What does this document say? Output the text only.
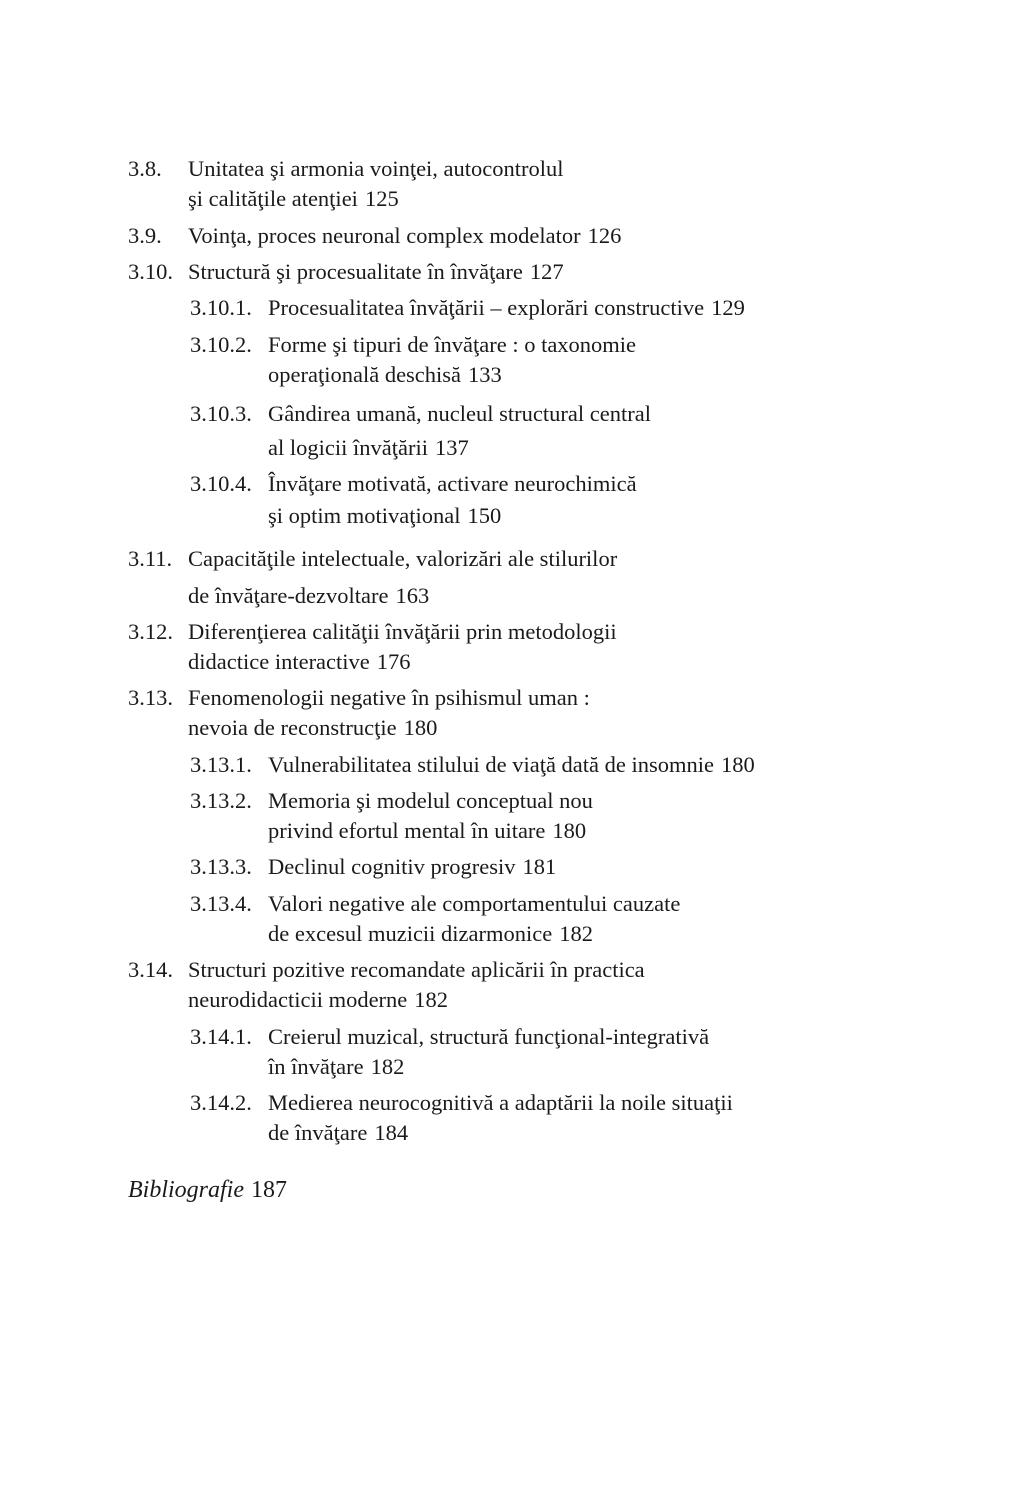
3.8. Unitatea şi armonia voinţei, autocontrolul
şi calităţile atenţiei 125
3.9. Voinţa, proces neuronal complex modelator 126
3.10. Structură şi procesualitate în învăţare 127
3.10.1. Procesualitatea învăţării – explorări constructive 129
3.10.2. Forme şi tipuri de învăţare : o taxonomie
operaţională deschisă 133
3.10.3. Gândirea umană, nucleul structural central
al logicii învăţării 137
3.10.4. Învăţare motivată, activare neurochimică
şi optim motivaţional 150
3.11. Capacităţile intelectuale, valorizări ale stilurilor
de învăţare-dezvoltare 163
3.12. Diferenţierea calităţii învăţării prin metodologii
didactice interactive 176
3.13. Fenomenologii negative în psihismul uman :
nevoia de reconstrucţie 180
3.13.1. Vulnerabilitatea stilului de viaţă dată de insomnie 180
3.13.2. Memoria şi modelul conceptual nou
privind efortul mental în uitare 180
3.13.3. Declinul cognitiv progresiv 181
3.13.4. Valori negative ale comportamentului cauzate
de excesul muzicii dizarmonice 182
3.14. Structuri pozitive recomandate aplicării în practica
neurodidacticii moderne 182
3.14.1. Creierul muzical, structură funcţional-integrativă
în învăţare 182
3.14.2. Medierea neurocognitivă a adaptării la noile situaţii
de învăţare 184
Bibliografie 187
